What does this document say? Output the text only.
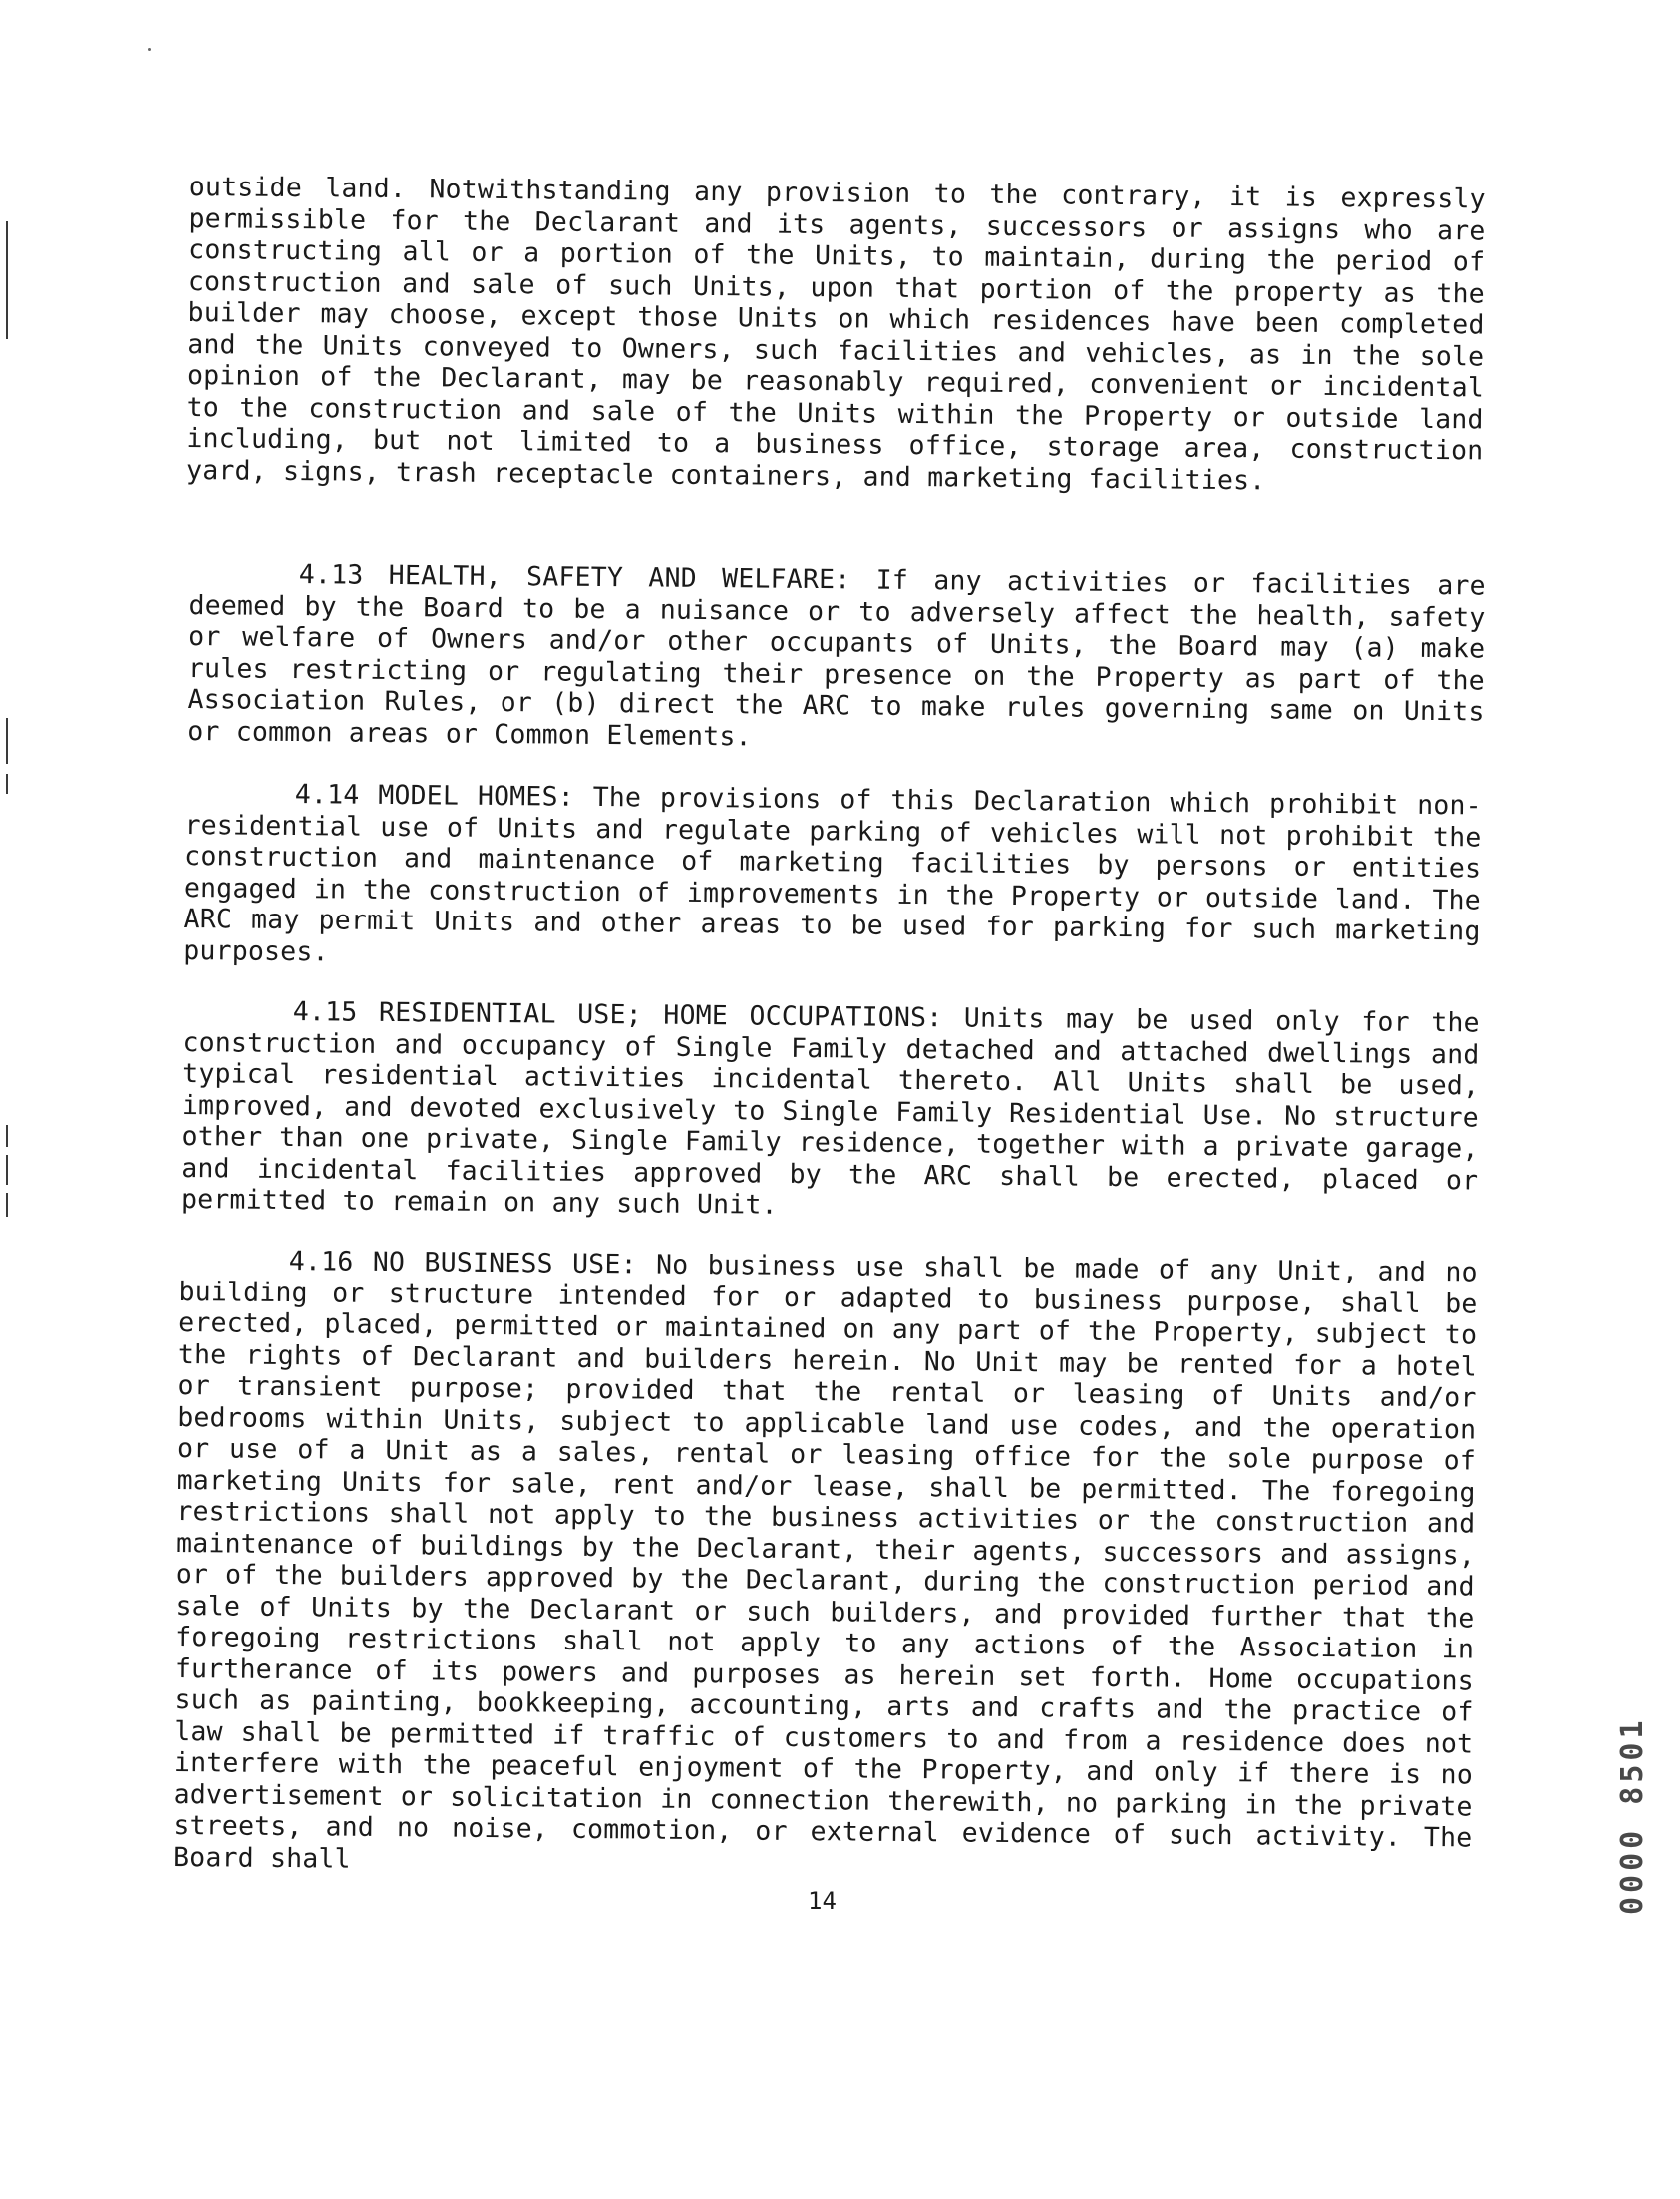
outside land. Notwithstanding any provision to the contrary, it is expressly permissible for the Declarant and its agents, successors or assigns who are constructing all or a portion of the Units, to maintain, during the period of construction and sale of such Units, upon that portion of the property as the builder may choose, except those Units on which residences have been completed and the Units conveyed to Owners, such facilities and vehicles, as in the sole opinion of the Declarant, may be reasonably required, convenient or incidental to the construction and sale of the Units within the Property or outside land including, but not limited to a business office, storage area, construction yard, signs, trash receptacle containers, and marketing facilities.

4.13 HEALTH, SAFETY AND WELFARE: If any activities or facilities are deemed by the Board to be a nuisance or to adversely affect the health, safety or welfare of Owners and/or other occupants of Units, the Board may (a) make rules restricting or regulating their presence on the Property as part of the Association Rules, or (b) direct the ARC to make rules governing same on Units or common areas or Common Elements.

4.14 MODEL HOMES: The provisions of this Declaration which prohibit non-residential use of Units and regulate parking of vehicles will not prohibit the construction and maintenance of marketing facilities by persons or entities engaged in the construction of improvements in the Property or outside land. The ARC may permit Units and other areas to be used for parking for such marketing purposes.

4.15 RESIDENTIAL USE; HOME OCCUPATIONS: Units may be used only for the construction and occupancy of Single Family detached and attached dwellings and typical residential activities incidental thereto. All Units shall be used, improved, and devoted exclusively to Single Family Residential Use. No structure other than one private, Single Family residence, together with a private garage, and incidental facilities approved by the ARC shall be erected, placed or permitted to remain on any such Unit.

4.16 NO BUSINESS USE: No business use shall be made of any Unit, and no building or structure intended for or adapted to business purpose, shall be erected, placed, permitted or maintained on any part of the Property, subject to the rights of Declarant and builders herein. No Unit may be rented for a hotel or transient purpose; provided that the rental or leasing of Units and/or bedrooms within Units, subject to applicable land use codes, and the operation or use of a Unit as a sales, rental or leasing office for the sole purpose of marketing Units for sale, rent and/or lease, shall be permitted. The foregoing restrictions shall not apply to the business activities or the construction and maintenance of buildings by the Declarant, their agents, successors and assigns, or of the builders approved by the Declarant, during the construction period and sale of Units by the Declarant or such builders, and provided further that the foregoing restrictions shall not apply to any actions of the Association in furtherance of its powers and purposes as herein set forth. Home occupations such as painting, bookkeeping, accounting, arts and crafts and the practice of law shall be permitted if traffic of customers to and from a residence does not interfere with the peaceful enjoyment of the Property, and only if there is no advertisement or solicitation in connection therewith, no parking in the private streets, and no noise, commotion, or external evidence of such activity. The Board shall

14	0000 8501
